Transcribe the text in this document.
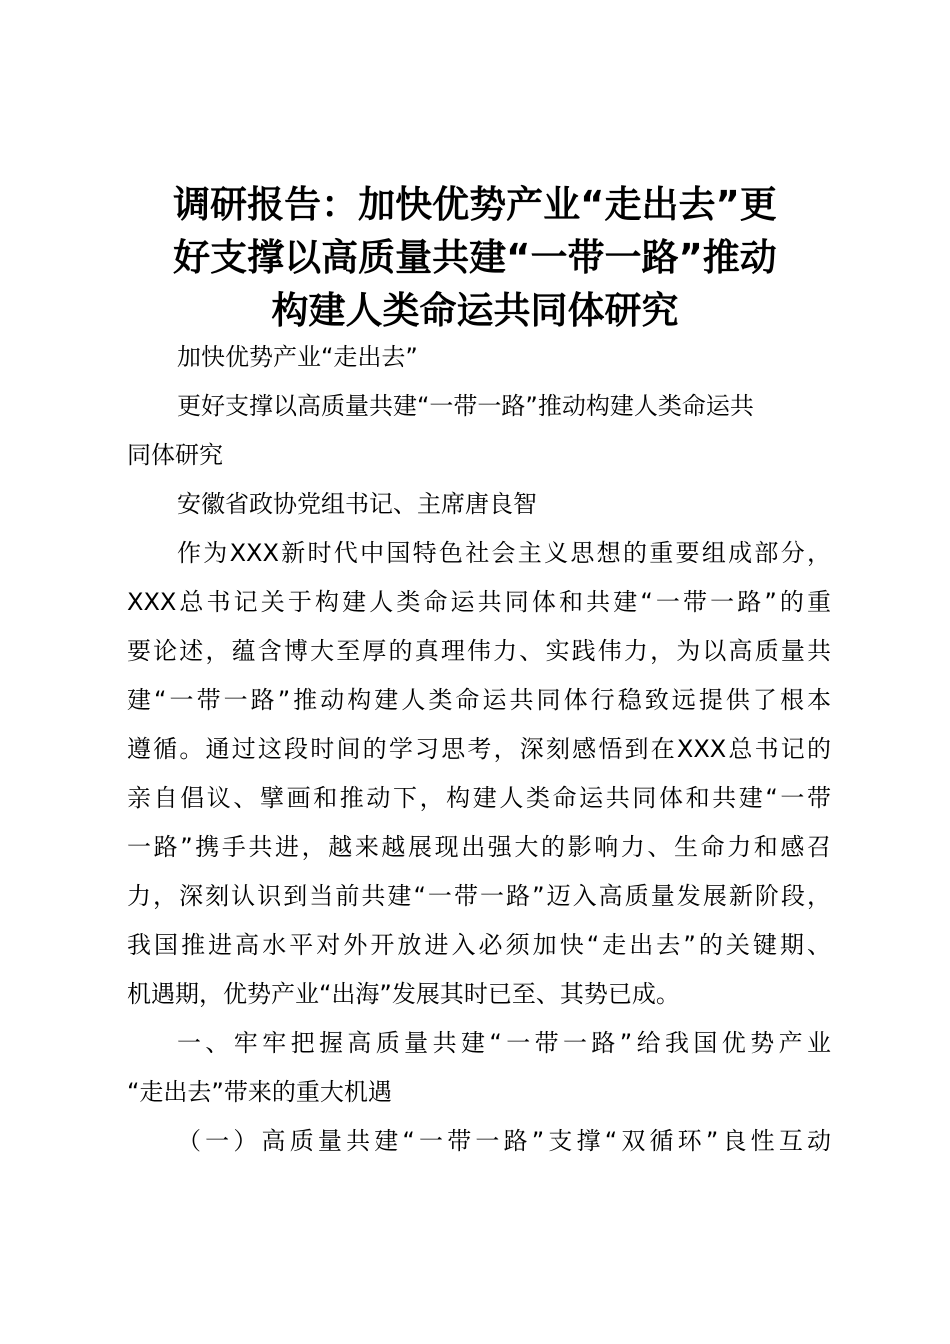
调研报告：加快优势产业“走出去”更
好支撑以高质量共建“一带一路”推动
构建人类命运共同体研究

加快优势产业“走出去”

更好支撑以高质量共建“一带一路”推动构建人类命运共
同体研究

安徽省政协党组书记、主席唐良智

作为XXX新时代中国特色社会主义思想的重要组成部分，
XXX总书记关于构建人类命运共同体和共建“一带一路”的重
要论述，蕴含博大至厚的真理伟力、实践伟力，为以高质量共
建“一带一路”推动构建人类命运共同体行稳致远提供了根本
遵循。通过这段时间的学习思考，深刻感悟到在XXX总书记的
亲自倡议、擘画和推动下，构建人类命运共同体和共建“一带
一路”携手共进，越来越展现出强大的影响力、生命力和感召
力，深刻认识到当前共建“一带一路”迈入高质量发展新阶段，
我国推进高水平对外开放进入必须加快“走出去”的关键期、
机遇期，优势产业“出海”发展其时已至、其势已成。

一、牢牢把握高质量共建“一带一路”给我国优势产业
“走出去”带来的重大机遇

（一）高质量共建“一带一路”支撑“双循环”良性互动
